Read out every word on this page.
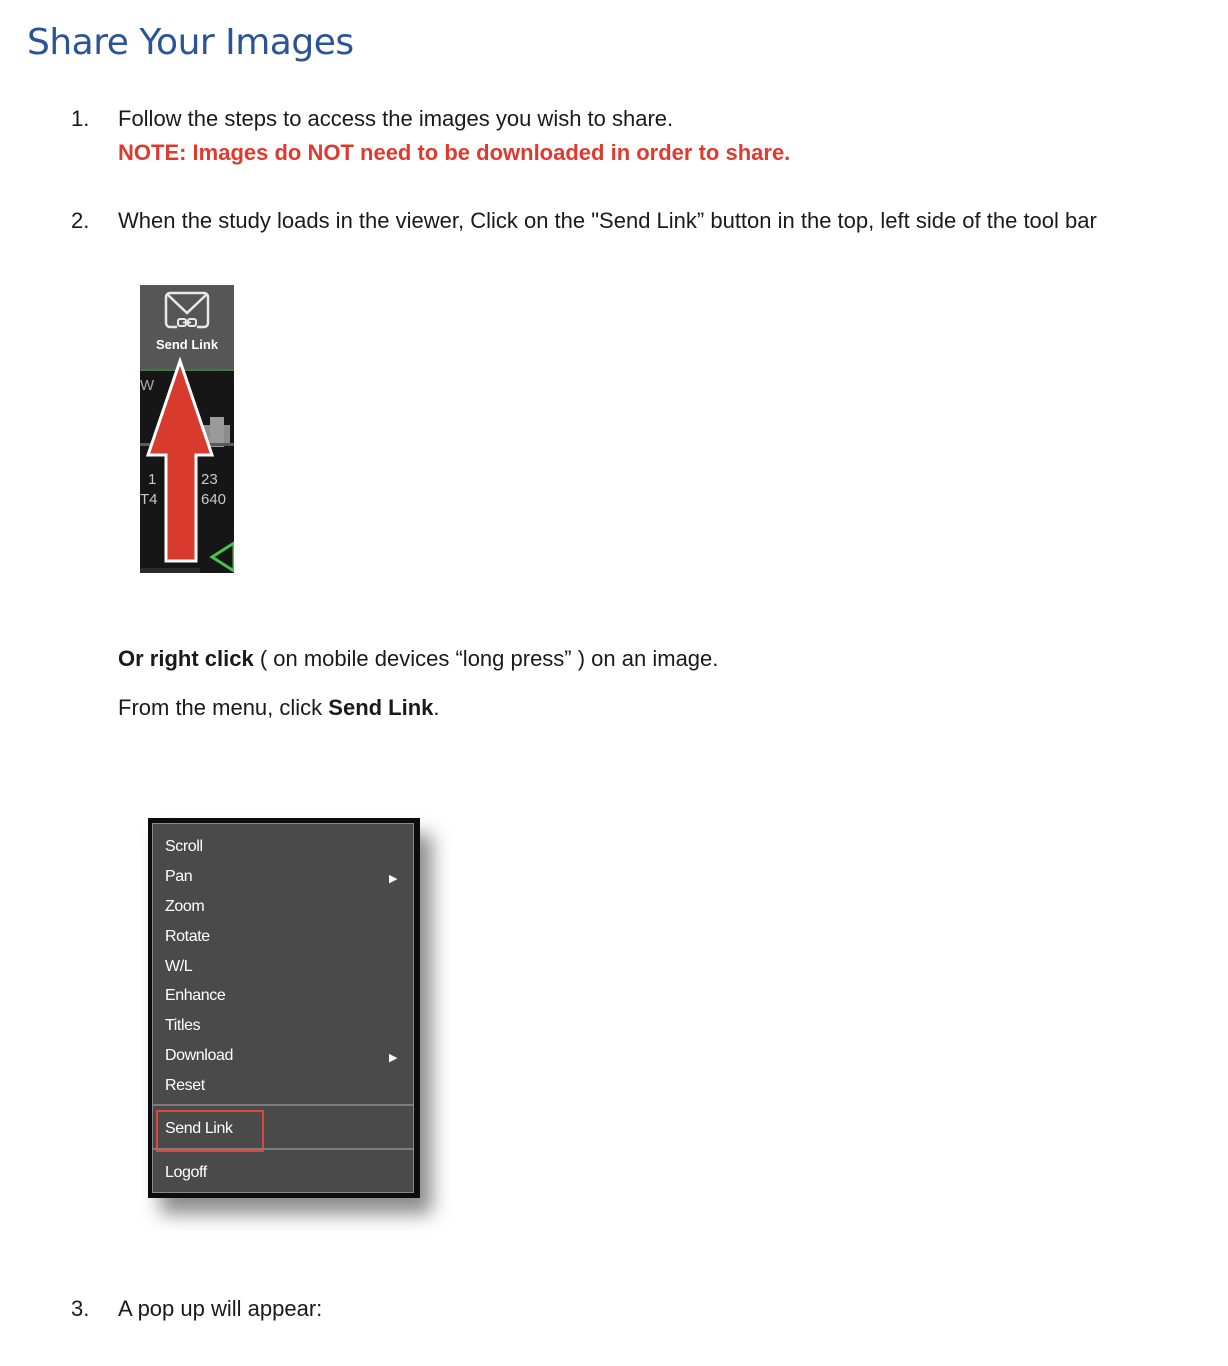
Share Your Images
1. Follow the steps to access the images you wish to share.
NOTE: Images do NOT need to be downloaded in order to share.
2. When the study loads in the viewer, Click on the "Send Link” button in the top, left side of the tool bar
Send Link
W
1
T4
23
640
Or right click ( on mobile devices “long press” ) on an image.
From the menu, click Send Link.
Scroll
Pan	▶
Zoom
Rotate
W/L
Enhance
Titles
Download	▶
Reset
Send Link
Logoff
3. A pop up will appear:
